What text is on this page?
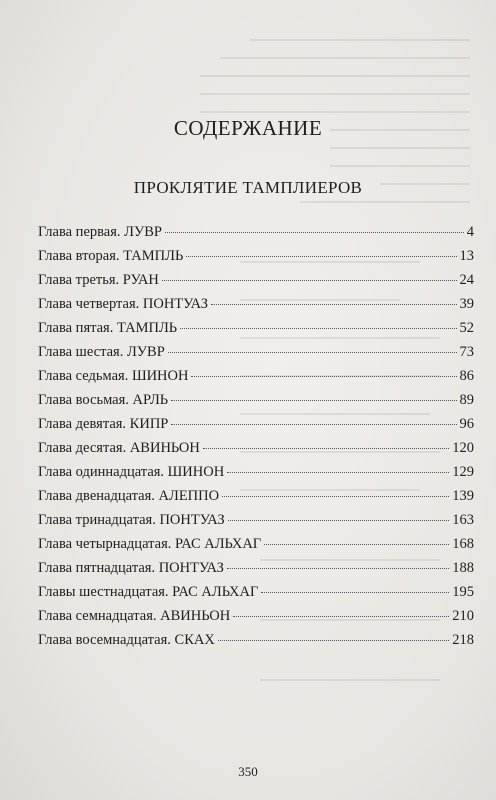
СОДЕРЖАНИЕ
ПРОКЛЯТИЕ ТАМПЛИЕРОВ
Глава первая. ЛУВР	4
Глава вторая. ТАМПЛЬ	13
Глава третья. РУАН	24
Глава четвертая. ПОНТУАЗ	39
Глава пятая. ТАМПЛЬ	52
Глава шестая. ЛУВР	73
Глава седьмая. ШИНОН	86
Глава восьмая. АРЛЬ	89
Глава девятая. КИПР	96
Глава десятая. АВИНЬОН	120
Глава одиннадцатая. ШИНОН	129
Глава двенадцатая. АЛЕППО	139
Глава тринадцатая. ПОНТУАЗ	163
Глава четырнадцатая. РАС АЛЬХАГ	168
Глава пятнадцатая. ПОНТУАЗ	188
Главы шестнадцатая. РАС АЛЬХАГ	195
Глава семнадцатая. АВИНЬОН	210
Глава восемнадцатая. СКАХ	218
350
